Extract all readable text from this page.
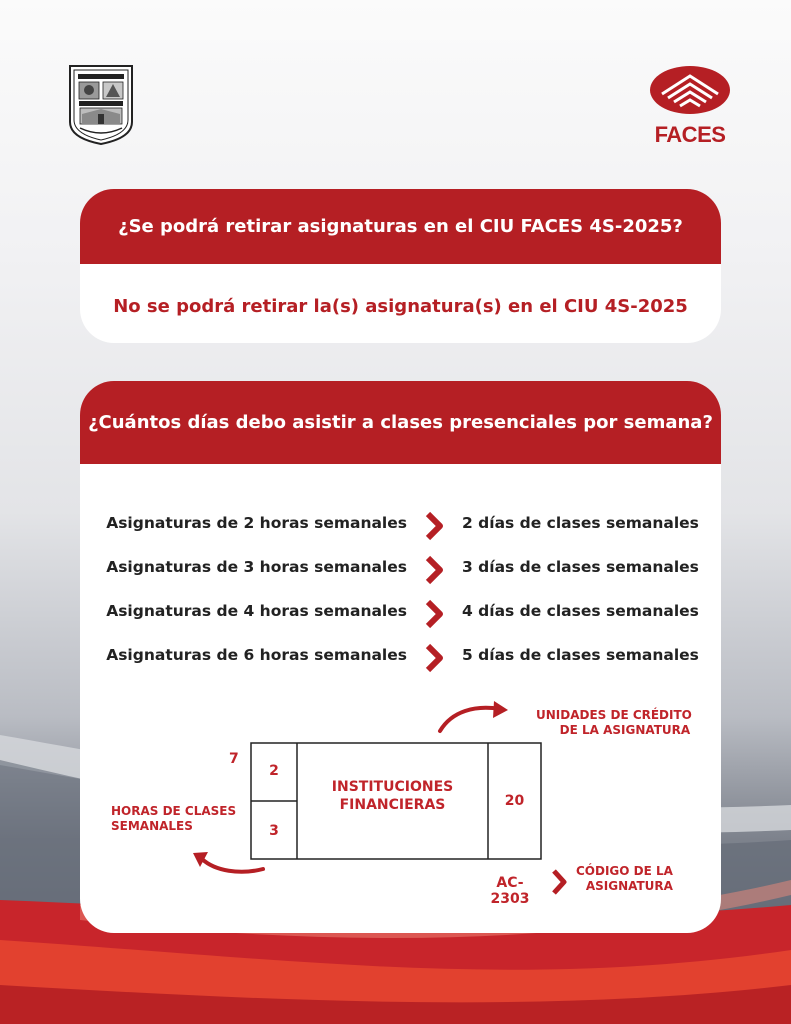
FACES
¿Se podrá retirar asignaturas en el CIU FACES 4S-2025?
No se podrá retirar la(s) asignatura(s) en el CIU 4S-2025
¿Cuántos días debo asistir a clases presenciales por semana?
Asignaturas de 2 horas semanales	2 días de clases semanales
Asignaturas de 3 horas semanales	3 días de clases semanales
Asignaturas de 4 horas semanales	4 días de clases semanales
Asignaturas de 6 horas semanales	5 días de clases semanales
UNIDADES DE CRÉDITO
DE LA ASIGNATURA
7
HORAS DE CLASES
SEMANALES
2
3
INSTITUCIONES
FINANCIERAS	20
AC-2303
CÓDIGO DE LA
ASIGNATURA
